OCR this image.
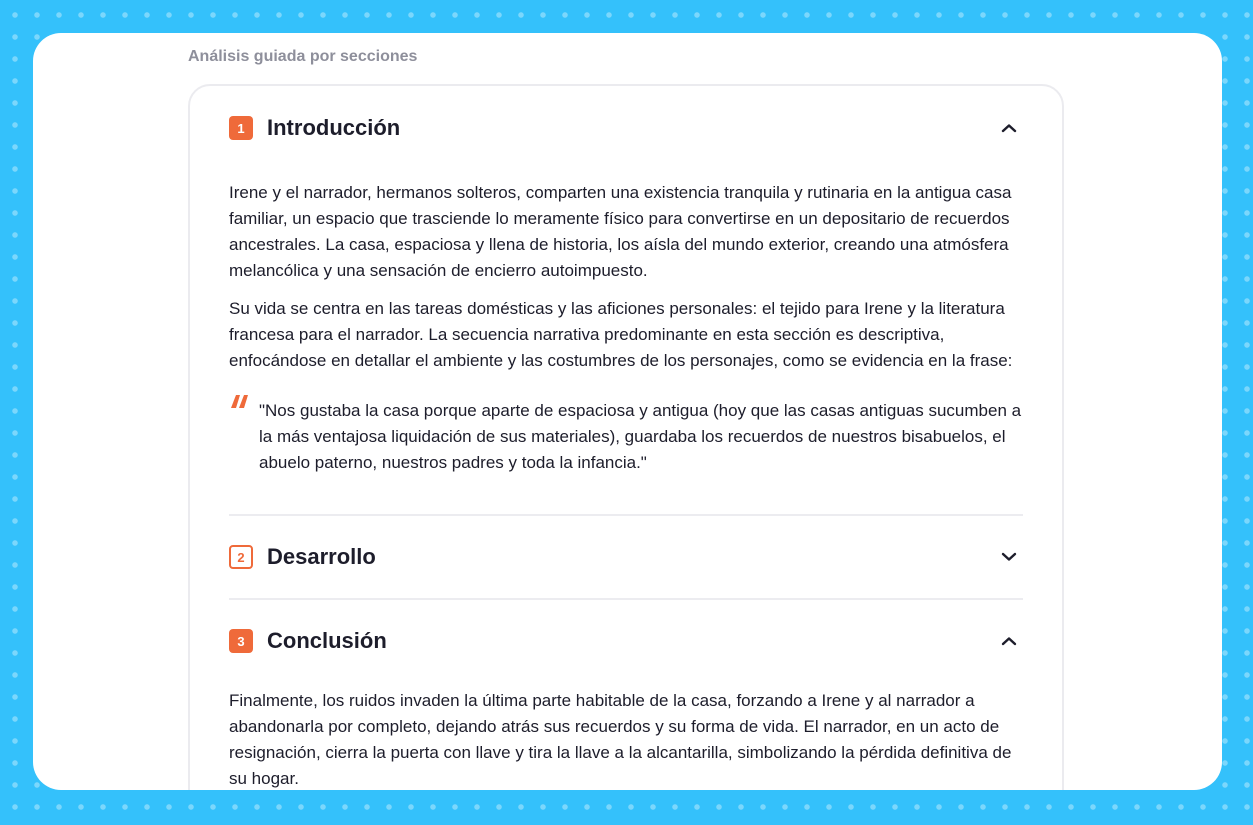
Análisis guiada por secciones
1	Introducción

Irene y el narrador, hermanos solteros, comparten una existencia tranquila y rutinaria en la antigua casa familiar, un espacio que trasciende lo meramente físico para convertirse en un depositario de recuerdos ancestrales. La casa, espaciosa y llena de historia, los aísla del mundo exterior, creando una atmósfera melancólica y una sensación de encierro autoimpuesto.

Su vida se centra en las tareas domésticas y las aficiones personales: el tejido para Irene y la literatura francesa para el narrador. La secuencia narrativa predominante en esta sección es descriptiva, enfocándose en detallar el ambiente y las costumbres de los personajes, como se evidencia en la frase:

"Nos gustaba la casa porque aparte de espaciosa y antigua (hoy que las casas antiguas sucumben a la más ventajosa liquidación de sus materiales), guardaba los recuerdos de nuestros bisabuelos, el abuelo paterno, nuestros padres y toda la infancia."

2	Desarrollo
3	Conclusión

Finalmente, los ruidos invaden la última parte habitable de la casa, forzando a Irene y al narrador a abandonarla por completo, dejando atrás sus recuerdos y su forma de vida. El narrador, en un acto de resignación, cierra la puerta con llave y tira la llave a la alcantarilla, simbolizando la pérdida definitiva de su hogar.
